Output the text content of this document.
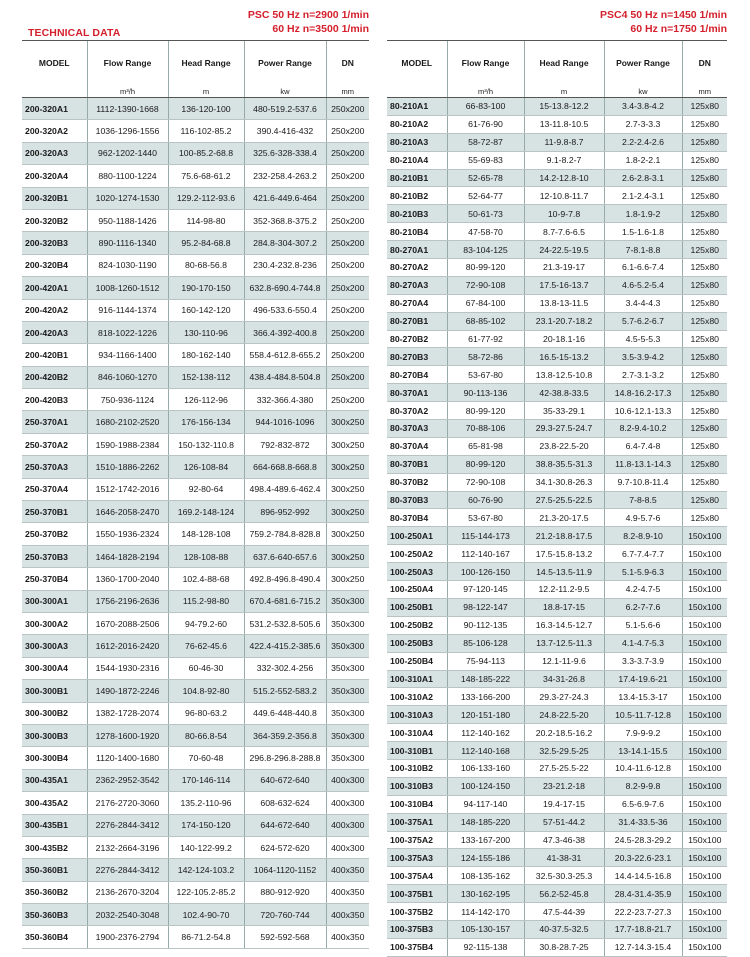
TECHNICAL DATA
PSC 50 Hz n=2900 1/min
60 Hz n=3500 1/min
MODEL	Flow Range	Head Range	Power Range	DN
	m³/h	m	kw	mm
200-320A1	1112-1390-1668	136-120-100	480-519.2-537.6	250x200
200-320A2	1036-1296-1556	116-102-85.2	390.4-416-432	250x200
200-320A3	962-1202-1440	100-85.2-68.8	325.6-328-338.4	250x200
200-320A4	880-1100-1224	75.6-68-61.2	232-258.4-263.2	250x200
200-320B1	1020-1274-1530	129.2-112-93.6	421.6-449.6-464	250x200
200-320B2	950-1188-1426	114-98-80	352-368.8-375.2	250x200
200-320B3	890-1116-1340	95.2-84-68.8	284.8-304-307.2	250x200
200-320B4	824-1030-1190	80-68-56.8	230.4-232.8-236	250x200
200-420A1	1008-1260-1512	190-170-150	632.8-690.4-744.8	250x200
200-420A2	916-1144-1374	160-142-120	496-533.6-550.4	250x200
200-420A3	818-1022-1226	130-110-96	366.4-392-400.8	250x200
200-420B1	934-1166-1400	180-162-140	558.4-612.8-655.2	250x200
200-420B2	846-1060-1270	152-138-112	438.4-484.8-504.8	250x200
200-420B3	750-936-1124	126-112-96	332-366.4-380	250x200
250-370A1	1680-2102-2520	176-156-134	944-1016-1096	300x250
250-370A2	1590-1988-2384	150-132-110.8	792-832-872	300x250
250-370A3	1510-1886-2262	126-108-84	664-668.8-668.8	300x250
250-370A4	1512-1742-2016	92-80-64	498.4-489.6-462.4	300x250
250-370B1	1646-2058-2470	169.2-148-124	896-952-992	300x250
250-370B2	1550-1936-2324	148-128-108	759.2-784.8-828.8	300x250
250-370B3	1464-1828-2194	128-108-88	637.6-640-657.6	300x250
250-370B4	1360-1700-2040	102.4-88-68	492.8-496.8-490.4	300x250
300-300A1	1756-2196-2636	115.2-98-80	670.4-681.6-715.2	350x300
300-300A2	1670-2088-2506	94-79.2-60	531.2-532.8-505.6	350x300
300-300A3	1612-2016-2420	76-62-45.6	422.4-415.2-385.6	350x300
300-300A4	1544-1930-2316	60-46-30	332-302.4-256	350x300
300-300B1	1490-1872-2246	104.8-92-80	515.2-552-583.2	350x300
300-300B2	1382-1728-2074	96-80-63.2	449.6-448-440.8	350x300
300-300B3	1278-1600-1920	80-66.8-54	364-359.2-356.8	350x300
300-300B4	1120-1400-1680	70-60-48	296.8-296.8-288.8	350x300
300-435A1	2362-2952-3542	170-146-114	640-672-640	400x300
300-435A2	2176-2720-3060	135.2-110-96	608-632-624	400x300
300-435B1	2276-2844-3412	174-150-120	644-672-640	400x300
300-435B2	2132-2664-3196	140-122-99.2	624-572-620	400x300
350-360B1	2276-2844-3412	142-124-103.2	1064-1120-1152	400x350
350-360B2	2136-2670-3204	122-105.2-85.2	880-912-920	400x350
350-360B3	2032-2540-3048	102.4-90-70	720-760-744	400x350
350-360B4	1900-2376-2794	86-71.2-54.8	592-592-568	400x350
PSC4 50 Hz n=1450 1/min
60 Hz n=1750 1/min
MODEL	Flow Range	Head Range	Power Range	DN
	m³/h	m	kw	mm
80-210A1	66-83-100	15-13.8-12.2	3.4-3.8-4.2	125x80
80-210A2	61-76-90	13-11.8-10.5	2.7-3-3.3	125x80
80-210A3	58-72-87	11-9.8-8.7	2.2-2.4-2.6	125x80
80-210A4	55-69-83	9.1-8.2-7	1.8-2-2.1	125x80
80-210B1	52-65-78	14.2-12.8-10	2.6-2.8-3.1	125x80
80-210B2	52-64-77	12-10.8-11.7	2.1-2.4-3.1	125x80
80-210B3	50-61-73	10-9-7.8	1.8-1.9-2	125x80
80-210B4	47-58-70	8.7-7.6-6.5	1.5-1.6-1.8	125x80
80-270A1	83-104-125	24-22.5-19.5	7-8.1-8.8	125x80
80-270A2	80-99-120	21.3-19-17	6.1-6.6-7.4	125x80
80-270A3	72-90-108	17.5-16-13.7	4.6-5.2-5.4	125x80
80-270A4	67-84-100	13.8-13-11.5	3.4-4-4.3	125x80
80-270B1	68-85-102	23.1-20.7-18.2	5.7-6.2-6.7	125x80
80-270B2	61-77-92	20-18.1-16	4.5-5-5.3	125x80
80-270B3	58-72-86	16.5-15-13.2	3.5-3.9-4.2	125x80
80-270B4	53-67-80	13.8-12.5-10.8	2.7-3.1-3.2	125x80
80-370A1	90-113-136	42-38.8-33.5	14.8-16.2-17.3	125x80
80-370A2	80-99-120	35-33-29.1	10.6-12.1-13.3	125x80
80-370A3	70-88-106	29.3-27.5-24.7	8.2-9.4-10.2	125x80
80-370A4	65-81-98	23.8-22.5-20	6.4-7.4-8	125x80
80-370B1	80-99-120	38.8-35.5-31.3	11.8-13.1-14.3	125x80
80-370B2	72-90-108	34.1-30.8-26.3	9.7-10.8-11.4	125x80
80-370B3	60-76-90	27.5-25.5-22.5	7-8-8.5	125x80
80-370B4	53-67-80	21.3-20-17.5	4.9-5.7-6	125x80
100-250A1	115-144-173	21.2-18.8-17.5	8.2-8.9-10	150x100
100-250A2	112-140-167	17.5-15.8-13.2	6.7-7.4-7.7	150x100
100-250A3	100-126-150	14.5-13.5-11.9	5.1-5.9-6.3	150x100
100-250A4	97-120-145	12.2-11.2-9.5	4.2-4.7-5	150x100
100-250B1	98-122-147	18.8-17-15	6.2-7-7.6	150x100
100-250B2	90-112-135	16.3-14.5-12.7	5.1-5.6-6	150x100
100-250B3	85-106-128	13.7-12.5-11.3	4.1-4.7-5.3	150x100
100-250B4	75-94-113	12.1-11-9.6	3.3-3.7-3.9	150x100
100-310A1	148-185-222	34-31-26.8	17.4-19.6-21	150x100
100-310A2	133-166-200	29.3-27-24.3	13.4-15.3-17	150x100
100-310A3	120-151-180	24.8-22.5-20	10.5-11.7-12.8	150x100
100-310A4	112-140-162	20.2-18.5-16.2	7.9-9-9.2	150x100
100-310B1	112-140-168	32.5-29.5-25	13-14.1-15.5	150x100
100-310B2	106-133-160	27.5-25.5-22	10.4-11.6-12.8	150x100
100-310B3	100-124-150	23-21.2-18	8.2-9-9.8	150x100
100-310B4	94-117-140	19.4-17-15	6.5-6.9-7.6	150x100
100-375A1	148-185-220	57-51-44.2	31.4-33.5-36	150x100
100-375A2	133-167-200	47.3-46-38	24.5-28.3-29.2	150x100
100-375A3	124-155-186	41-38-31	20.3-22.6-23.1	150x100
100-375A4	108-135-162	32.5-30.3-25.3	14.4-14.5-16.8	150x100
100-375B1	130-162-195	56.2-52-45.8	28.4-31.4-35.9	150x100
100-375B2	114-142-170	47.5-44-39	22.2-23.7-27.3	150x100
100-375B3	105-130-157	40-37.5-32.5	17.7-18.8-21.7	150x100
100-375B4	92-115-138	30.8-28.7-25	12.7-14.3-15.4	150x100
